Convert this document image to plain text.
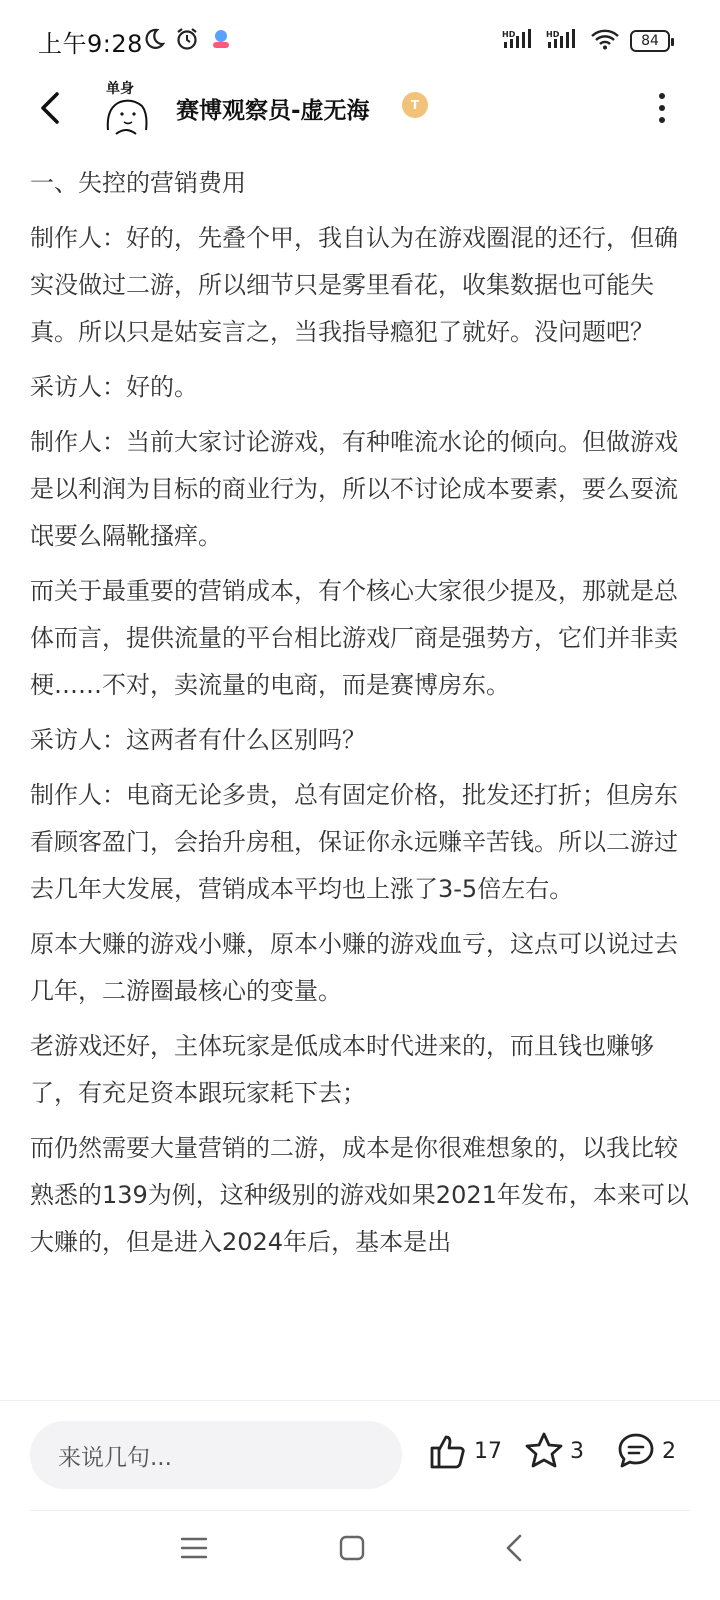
上午9:28	HD	HD	84
单身
赛博观察员-虚无海	T

一、失控的营销费用

制作人：好的，先叠个甲，我自认为在游戏圈混的还行，但确实没做过二游，所以细节只是雾里看花，收集数据也可能失真。所以只是姑妄言之，当我指导瘾犯了就好。没问题吧？

采访人：好的。

制作人：当前大家讨论游戏，有种唯流水论的倾向。但做游戏是以利润为目标的商业行为，所以不讨论成本要素，要么耍流氓要么隔靴搔痒。

而关于最重要的营销成本，有个核心大家很少提及，那就是总体而言，提供流量的平台相比游戏厂商是强势方，它们并非卖梗……不对，卖流量的电商，而是赛博房东。

采访人：这两者有什么区别吗？

制作人：电商无论多贵，总有固定价格，批发还打折；但房东看顾客盈门，会抬升房租，保证你永远赚辛苦钱。所以二游过去几年大发展，营销成本平均也上涨了3-5倍左右。

原本大赚的游戏小赚，原本小赚的游戏血亏，这点可以说过去几年，二游圈最核心的变量。

老游戏还好，主体玩家是低成本时代进来的，而且钱也赚够了，有充足资本跟玩家耗下去；

而仍然需要大量营销的二游，成本是你很难想象的，以我比较熟悉的139为例，这种级别的游戏如果2021年发布，本来可以大赚的，但是进入2024年后，基本是出

来说几句...	17	3	2
